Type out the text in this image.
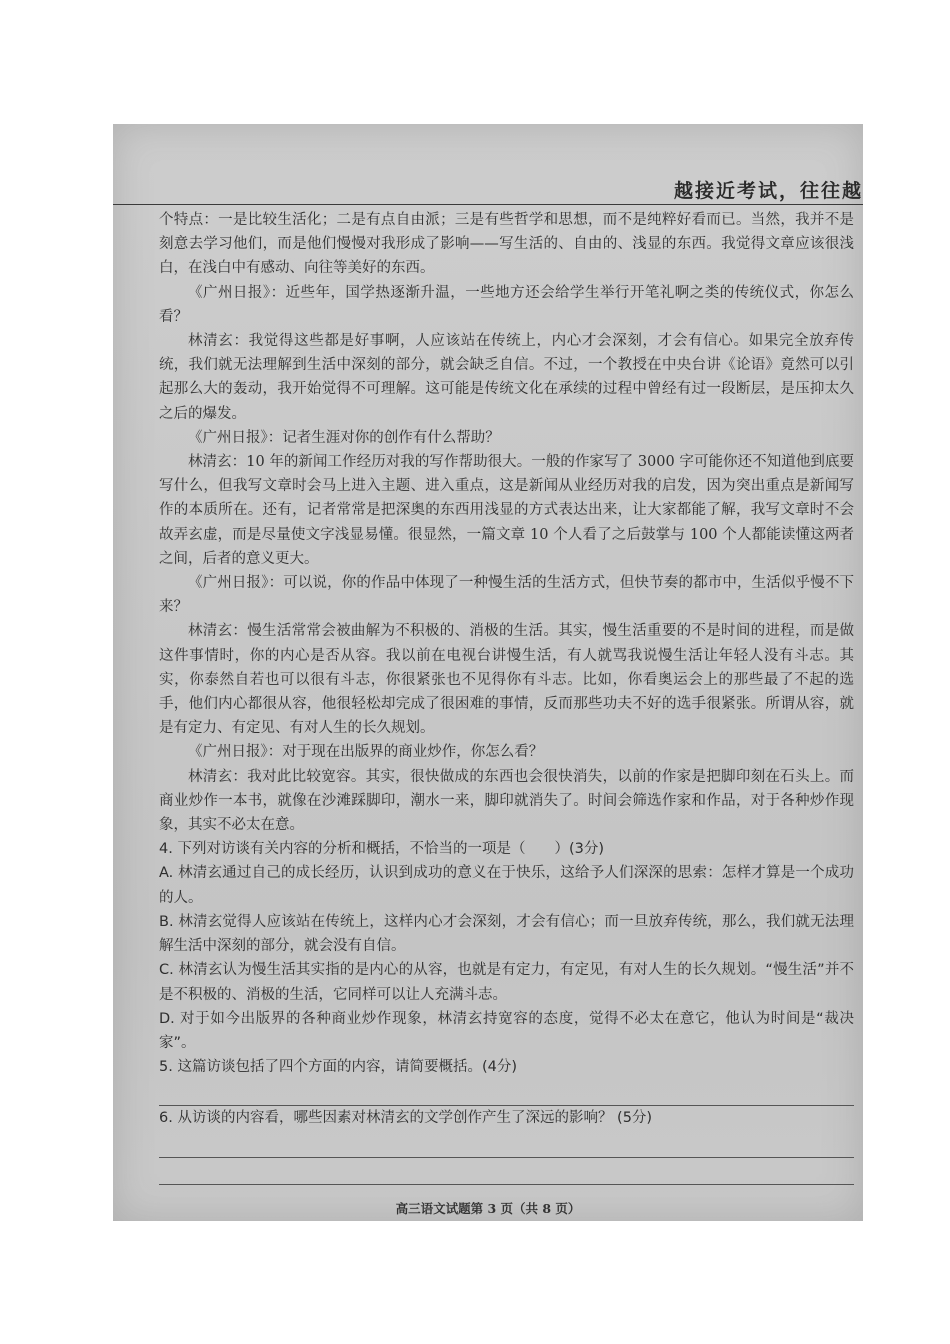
越接近考试，往往越

个特点：一是比较生活化；二是有点自由派；三是有些哲学和思想，而不是纯粹好看而已。当然，我并不是刻意去学习他们，而是他们慢慢对我形成了影响——写生活的、自由的、浅显的东西。我觉得文章应该很浅白，在浅白中有感动、向往等美好的东西。

《广州日报》：近些年，国学热逐渐升温，一些地方还会给学生举行开笔礼啊之类的传统仪式，你怎么看？

林清玄：我觉得这些都是好事啊，人应该站在传统上，内心才会深刻，才会有信心。如果完全放弃传统，我们就无法理解到生活中深刻的部分，就会缺乏自信。不过，一个教授在中央台讲《论语》竟然可以引起那么大的轰动，我开始觉得不可理解。这可能是传统文化在承续的过程中曾经有过一段断层，是压抑太久之后的爆发。

《广州日报》：记者生涯对你的创作有什么帮助？

林清玄：10 年的新闻工作经历对我的写作帮助很大。一般的作家写了 3000 字可能你还不知道他到底要写什么，但我写文章时会马上进入主题、进入重点，这是新闻从业经历对我的启发，因为突出重点是新闻写作的本质所在。还有，记者常常是把深奥的东西用浅显的方式表达出来，让大家都能了解，我写文章时不会故弄玄虚，而是尽量使文字浅显易懂。很显然，一篇文章 10 个人看了之后鼓掌与 100 个人都能读懂这两者之间，后者的意义更大。

《广州日报》：可以说，你的作品中体现了一种慢生活的生活方式，但快节奏的都市中，生活似乎慢不下来？

林清玄：慢生活常常会被曲解为不积极的、消极的生活。其实，慢生活重要的不是时间的进程，而是做这件事情时，你的内心是否从容。我以前在电视台讲慢生活，有人就骂我说慢生活让年轻人没有斗志。其实，你泰然自若也可以很有斗志，你很紧张也不见得你有斗志。比如，你看奥运会上的那些最了不起的选手，他们内心都很从容，他很轻松却完成了很困难的事情，反而那些功夫不好的选手很紧张。所谓从容，就是有定力、有定见、有对人生的长久规划。

《广州日报》：对于现在出版界的商业炒作，你怎么看？

林清玄：我对此比较宽容。其实，很快做成的东西也会很快消失，以前的作家是把脚印刻在石头上。而商业炒作一本书，就像在沙滩踩脚印，潮水一来，脚印就消失了。时间会筛选作家和作品，对于各种炒作现象，其实不必太在意。

4. 下列对访谈有关内容的分析和概括，不恰当的一项是（　　）(3分)

A. 林清玄通过自己的成长经历，认识到成功的意义在于快乐，这给予人们深深的思索：怎样才算是一个成功的人。

B. 林清玄觉得人应该站在传统上，这样内心才会深刻，才会有信心；而一旦放弃传统，那么，我们就无法理解生活中深刻的部分，就会没有自信。

C. 林清玄认为慢生活其实指的是内心的从容，也就是有定力，有定见，有对人生的长久规划。“慢生活”并不是不积极的、消极的生活，它同样可以让人充满斗志。

D. 对于如今出版界的各种商业炒作现象，林清玄持宽容的态度，觉得不必太在意它，他认为时间是“裁决家”。

5. 这篇访谈包括了四个方面的内容，请简要概括。(4分)

6. 从访谈的内容看，哪些因素对林清玄的文学创作产生了深远的影响？ (5分)

高三语文试题第 3 页（共 8 页）
